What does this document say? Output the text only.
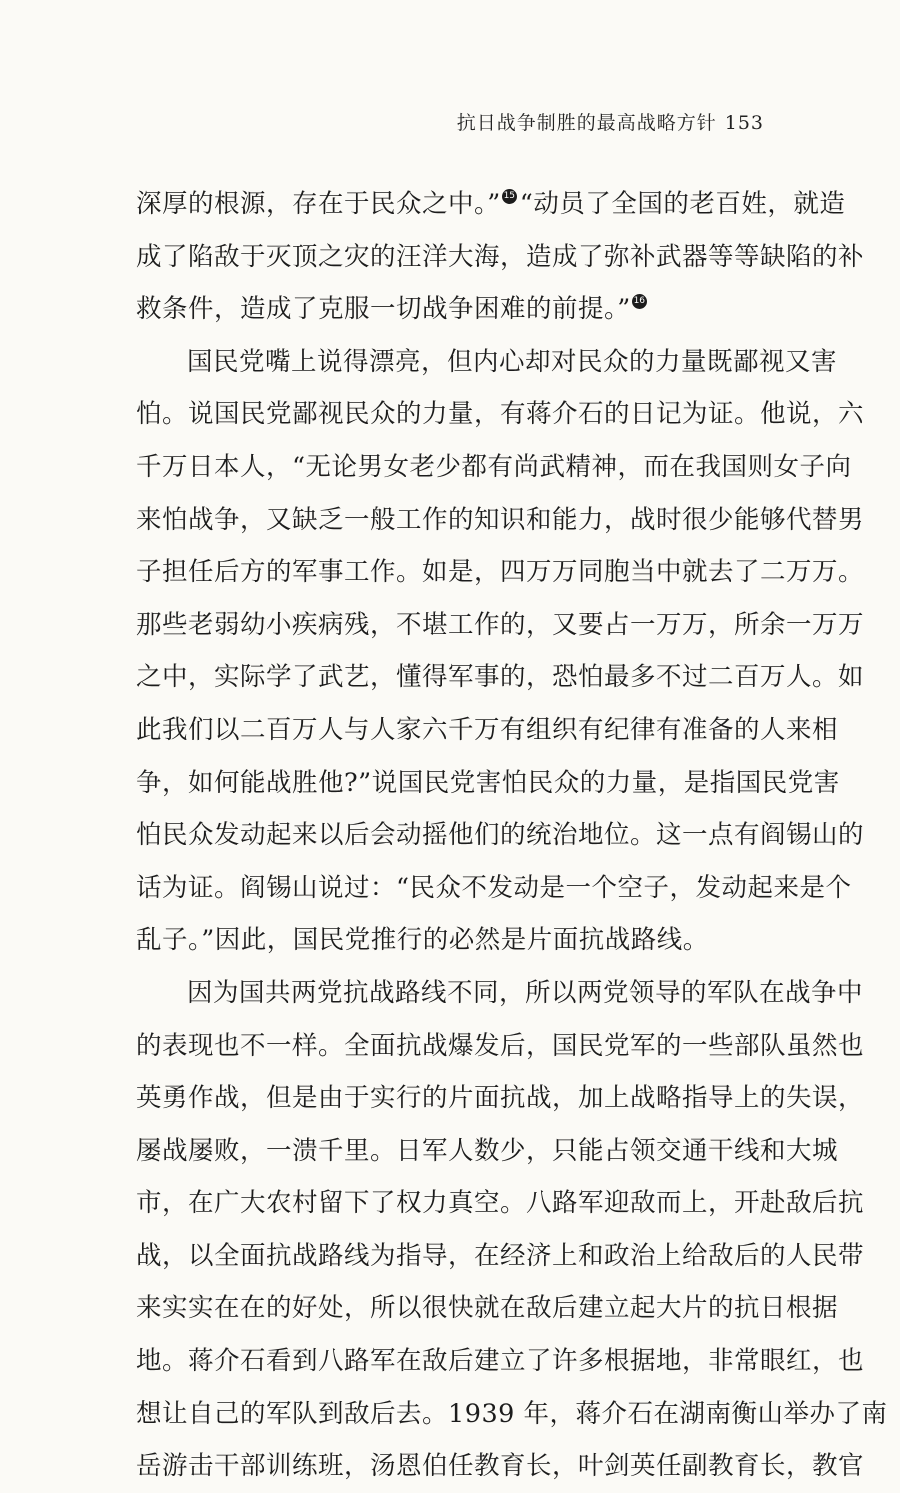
抗日战争制胜的最高战略方针 153
深厚的根源，存在于民众之中。” 15 “动员了全国的老百姓，就造
成了陷敌于灭顶之灾的汪洋大海，造成了弥补武器等等缺陷的补
救条件，造成了克服一切战争困难的前提。” 16
国民党嘴上说得漂亮，但内心却对民众的力量既鄙视又害
怕。说国民党鄙视民众的力量，有蒋介石的日记为证。他说，六
千万日本人，“无论男女老少都有尚武精神，而在我国则女子向
来怕战争，又缺乏一般工作的知识和能力，战时很少能够代替男
子担任后方的军事工作。如是，四万万同胞当中就去了二万万。
那些老弱幼小疾病残，不堪工作的，又要占一万万，所余一万万
之中，实际学了武艺，懂得军事的，恐怕最多不过二百万人。如
此我们以二百万人与人家六千万有组织有纪律有准备的人来相
争，如何能战胜他?”说国民党害怕民众的力量，是指国民党害
怕民众发动起来以后会动摇他们的统治地位。这一点有阎锡山的
话为证。阎锡山说过：“民众不发动是一个空子，发动起来是个
乱子。”因此，国民党推行的必然是片面抗战路线。
因为国共两党抗战路线不同，所以两党领导的军队在战争中
的表现也不一样。全面抗战爆发后，国民党军的一些部队虽然也
英勇作战，但是由于实行的片面抗战，加上战略指导上的失误，
屡战屡败，一溃千里。日军人数少，只能占领交通干线和大城
市，在广大农村留下了权力真空。八路军迎敌而上，开赴敌后抗
战，以全面抗战路线为指导，在经济上和政治上给敌后的人民带
来实实在在的好处，所以很快就在敌后建立起大片的抗日根据
地。蒋介石看到八路军在敌后建立了许多根据地，非常眼红，也
想让自己的军队到敌后去。1939 年，蒋介石在湖南衡山举办了南
岳游击干部训练班，汤恩伯任教育长，叶剑英任副教育长，教官
